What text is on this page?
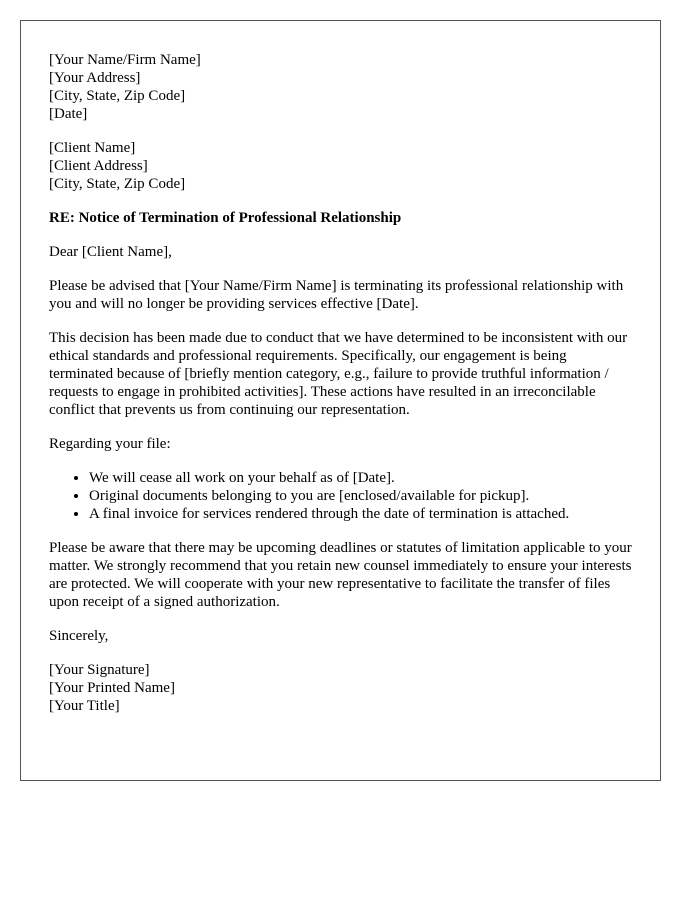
[Your Name/Firm Name]
[Your Address]
[City, State, Zip Code]
[Date]
[Client Name]
[Client Address]
[City, State, Zip Code]
RE: Notice of Termination of Professional Relationship

Dear [Client Name],

Please be advised that [Your Name/Firm Name] is terminating its professional relationship with you and will no longer be providing services effective [Date].

This decision has been made due to conduct that we have determined to be inconsistent with our ethical standards and professional requirements. Specifically, our engagement is being terminated because of [briefly mention category, e.g., failure to provide truthful information / requests to engage in prohibited activities]. These actions have resulted in an irreconcilable conflict that prevents us from continuing our representation.

Regarding your file:

• We will cease all work on your behalf as of [Date].
• Original documents belonging to you are [enclosed/available for pickup].
• A final invoice for services rendered through the date of termination is attached.

Please be aware that there may be upcoming deadlines or statutes of limitation applicable to your matter. We strongly recommend that you retain new counsel immediately to ensure your interests are protected. We will cooperate with your new representative to facilitate the transfer of files upon receipt of a signed authorization.

Sincerely,

[Your Signature]
[Your Printed Name]
[Your Title]
